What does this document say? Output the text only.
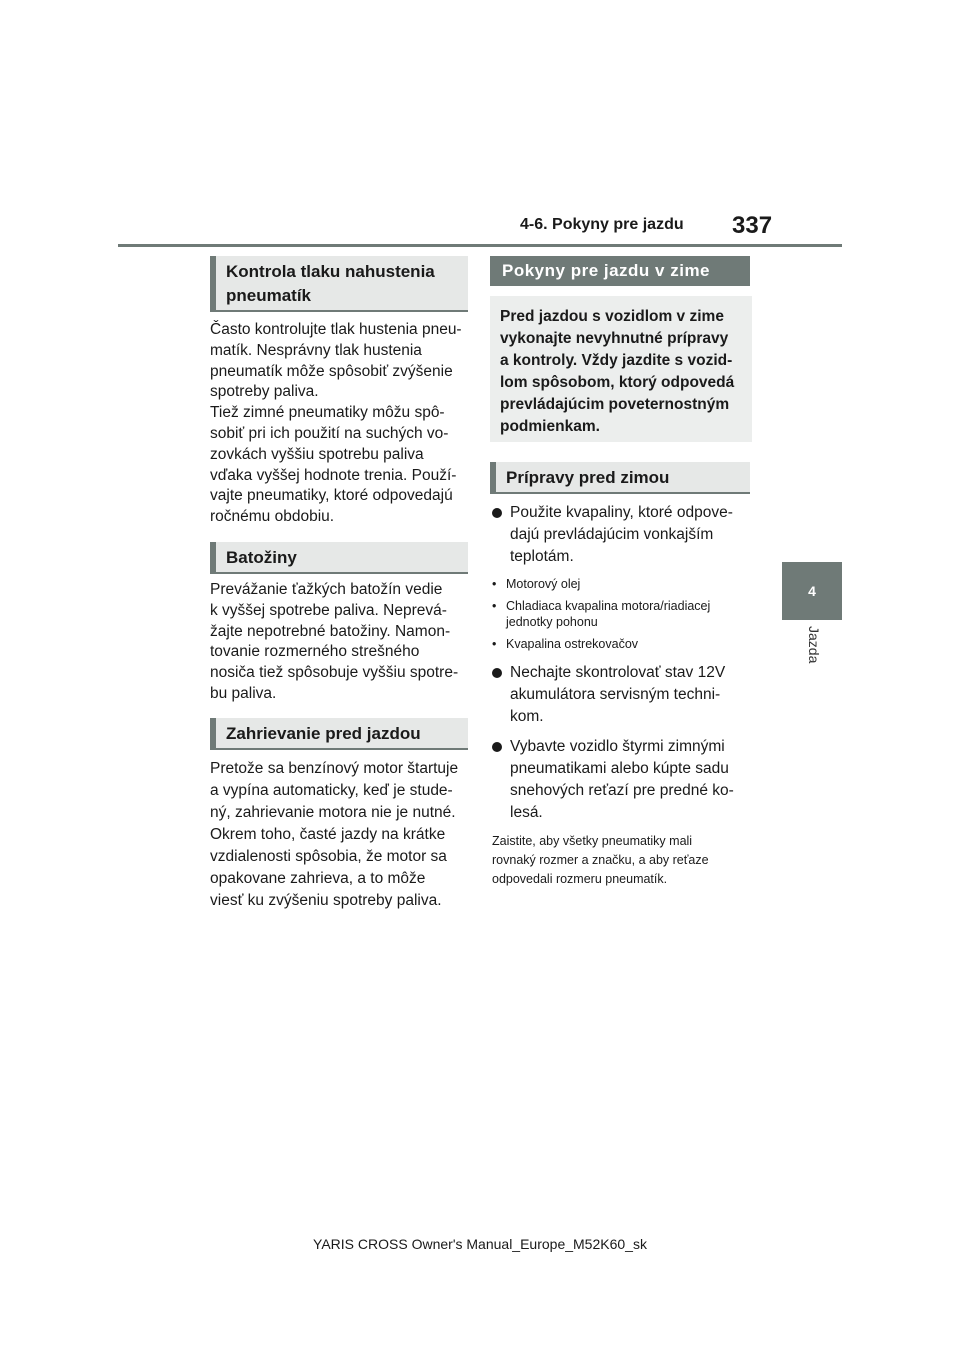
4-6. Pokyny pre jazdu 337
4
Jazda
Kontrola tlaku nahustenia
pneumatík
Často kontrolujte tlak hustenia pneu-
matík. Nesprávny tlak hustenia
pneumatík môže spôsobiť zvýšenie
spotreby paliva.
Tiež zimné pneumatiky môžu spô-
sobiť pri ich použití na suchých vo-
zovkách vyššiu spotrebu paliva
vďaka vyššej hodnote trenia. Použí-
vajte pneumatiky, ktoré odpovedajú
ročnému obdobiu.
Batožiny
Prevážanie ťažkých batožín vedie
k vyššej spotrebe paliva. Neprevá-
žajte nepotrebné batožiny. Namon-
tovanie rozmerného strešného
nosiča tiež spôsobuje vyššiu spotre-
bu paliva.
Zahrievanie pred jazdou
Pretože sa benzínový motor štartuje
a vypína automaticky, keď je stude-
ný, zahrievanie motora nie je nutné.
Okrem toho, časté jazdy na krátke
vzdialenosti spôsobia, že motor sa
opakovane zahrieva, a to môže
viesť ku zvýšeniu spotreby paliva.
Pokyny pre jazdu v zime
Pred jazdou s vozidlom v zime
vykonajte nevyhnutné prípravy
a kontroly. Vždy jazdite s vozid-
lom spôsobom, ktorý odpovedá
prevládajúcim poveternostným
podmienkam.
Prípravy pred zimou
Použite kvapaliny, ktoré odpove-
dajú prevládajúcim vonkajším
teplotám.
• Motorový olej
• Chladiaca kvapalina motora/riadiacej
jednotky pohonu
• Kvapalina ostrekovačov
Nechajte skontrolovať stav 12V
akumulátora servisným techni-
kom.
Vybavte vozidlo štyrmi zimnými
pneumatikami alebo kúpte sadu
snehových reťazí pre predné ko-
lesá.
Zaistite, aby všetky pneumatiky mali
rovnaký rozmer a značku, a aby reťaze
odpovedali rozmeru pneumatík.
YARIS CROSS Owner's Manual_Europe_M52K60_sk
